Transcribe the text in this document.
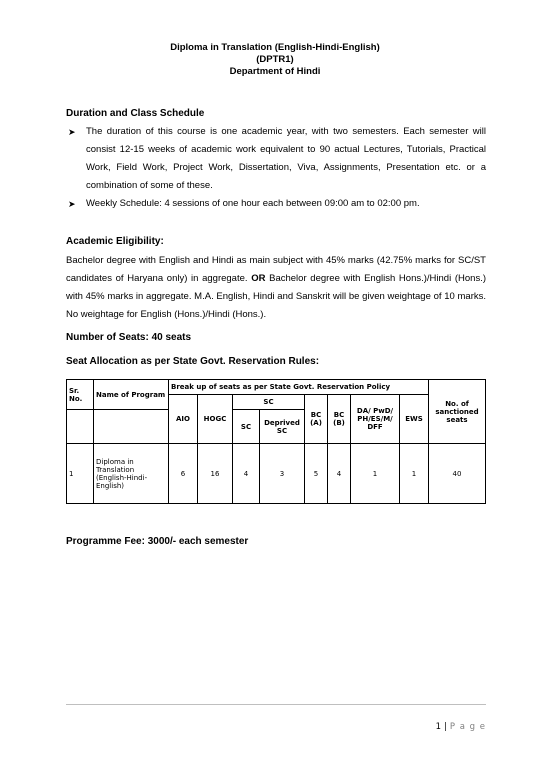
Diploma in Translation (English-Hindi-English)
(DPTR1)
Department of Hindi
Duration and Class Schedule
➤ The duration of this course is one academic year, with two semesters. Each semester will consist 12-15 weeks of academic work equivalent to 90 actual Lectures, Tutorials, Practical Work, Field Work, Project Work, Dissertation, Viva, Assignments, Presentation etc. or a combination of some of these.
➤ Weekly Schedule: 4 sessions of one hour each between 09:00 am to 02:00 pm.
Academic Eligibility:

Bachelor degree with English and Hindi as main subject with 45% marks (42.75% marks for SC/ST candidates of Haryana only) in aggregate. OR Bachelor degree with English Hons.)/Hindi (Hons.) with 45% marks in aggregate. M.A. English, Hindi and Sanskrit will be given weightage of 10 marks. No weightage for English (Hons.)/Hindi (Hons.).

Number of Seats: 40 seats
Seat Allocation as per State Govt. Reservation Rules:
Sr. No.	Name of Program	Break up of seats as per State Govt. Reservation Policy								No. of sanctioned seats
		AIO	HOGC	SC		BC (A)	BC (B)	DA/ PwD/ PH/ES/M/ DFF	EWS	
				SC	Deprived SC					
1	Diploma in Translation (English-Hindi-English)	6	16	4	3	5	4	1	1	40
Programme Fee: 3000/- each semester
1 | P a g e
